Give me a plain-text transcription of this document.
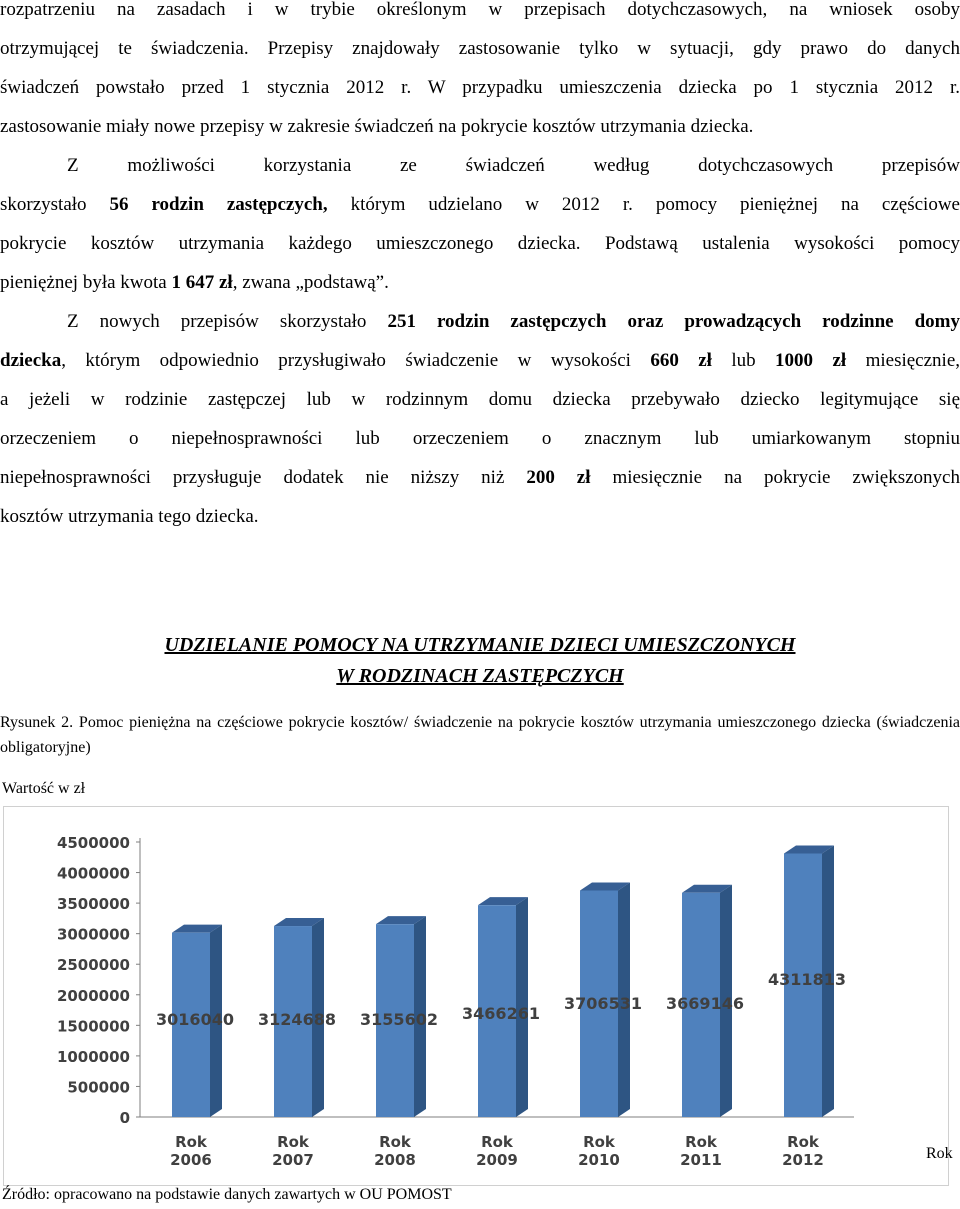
rozpatrzeniu na zasadach i w trybie określonym w przepisach dotychczasowych, na wniosek osoby
otrzymującej te świadczenia. Przepisy znajdowały zastosowanie tylko w sytuacji, gdy prawo do danych
świadczeń powstało przed 1 stycznia 2012 r. W przypadku umieszczenia dziecka po 1 stycznia 2012 r.
zastosowanie miały nowe przepisy w zakresie świadczeń na pokrycie kosztów utrzymania dziecka.
Z możliwości korzystania ze świadczeń według dotychczasowych przepisów
skorzystało 56 rodzin zastępczych, którym udzielano w 2012 r. pomocy pieniężnej na częściowe
pokrycie kosztów utrzymania każdego umieszczonego dziecka. Podstawą ustalenia wysokości pomocy
pieniężnej była kwota 1 647 zł, zwana „podstawą”.
Z nowych przepisów skorzystało 251 rodzin zastępczych oraz prowadzących rodzinne domy
dziecka, którym odpowiednio przysługiwało świadczenie w wysokości 660 zł lub 1000 zł miesięcznie,
a jeżeli w rodzinie zastępczej lub w rodzinnym domu dziecka przebywało dziecko legitymujące się
orzeczeniem o niepełnosprawności lub orzeczeniem o znacznym lub umiarkowanym stopniu
niepełnosprawności przysługuje dodatek nie niższy niż 200 zł miesięcznie na pokrycie zwiększonych
kosztów utrzymania tego dziecka.
UDZIELANIE POMOCY NA UTRZYMANIE DZIECI UMIESZCZONYCH
W RODZINACH ZASTĘPCZYCH
Rysunek 2. Pomoc pieniężna na częściowe pokrycie kosztów/ świadczenie na pokrycie kosztów utrzymania umieszczonego dziecka (świadczenia obligatoryjne)
Wartość w zł
0
500000
1000000
1500000
2000000
2500000
3000000
3500000
4000000
4500000
3016040
Rok
2006
3124688
Rok
2007
3155602
Rok
2008
3466261
Rok
2009
3706531
Rok
2010
3669146
Rok
2011
4311813
Rok
2012	Rok
Źródło: opracowano na podstawie danych zawartych w OU POMOST
